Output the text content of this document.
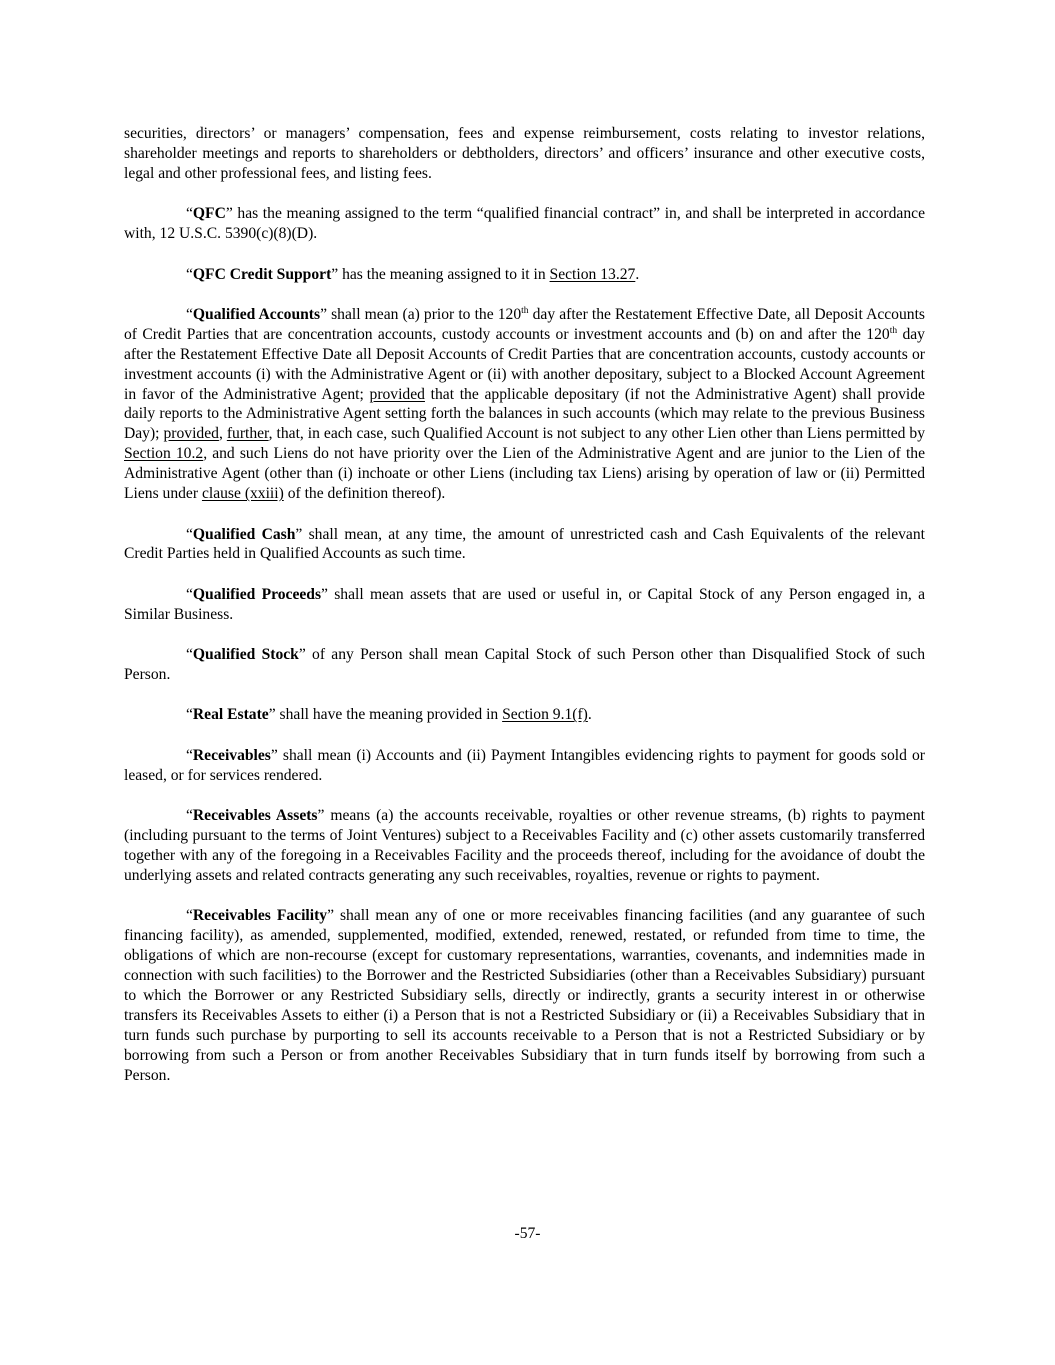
securities, directors’ or managers’ compensation, fees and expense reimbursement, costs relating to investor relations, shareholder meetings and reports to shareholders or debtholders, directors’ and officers’ insurance and other executive costs, legal and other professional fees, and listing fees.

“QFC” has the meaning assigned to the term “qualified financial contract” in, and shall be interpreted in accordance with, 12 U.S.C. 5390(c)(8)(D).

“QFC Credit Support” has the meaning assigned to it in Section 13.27.

“Qualified Accounts” shall mean (a) prior to the 120th day after the Restatement Effective Date, all Deposit Accounts of Credit Parties that are concentration accounts, custody accounts or investment accounts and (b) on and after the 120th day after the Restatement Effective Date all Deposit Accounts of Credit Parties that are concentration accounts, custody accounts or investment accounts (i) with the Administrative Agent or (ii) with another depositary, subject to a Blocked Account Agreement in favor of the Administrative Agent; provided that the applicable depositary (if not the Administrative Agent) shall provide daily reports to the Administrative Agent setting forth the balances in such accounts (which may relate to the previous Business Day); provided, further, that, in each case, such Qualified Account is not subject to any other Lien other than Liens permitted by Section 10.2, and such Liens do not have priority over the Lien of the Administrative Agent and are junior to the Lien of the Administrative Agent (other than (i) inchoate or other Liens (including tax Liens) arising by operation of law or (ii) Permitted Liens under clause (xxiii) of the definition thereof).

“Qualified Cash” shall mean, at any time, the amount of unrestricted cash and Cash Equivalents of the relevant Credit Parties held in Qualified Accounts as such time.

“Qualified Proceeds” shall mean assets that are used or useful in, or Capital Stock of any Person engaged in, a Similar Business.

“Qualified Stock” of any Person shall mean Capital Stock of such Person other than Disqualified Stock of such Person.

“Real Estate” shall have the meaning provided in Section 9.1(f).

“Receivables” shall mean (i) Accounts and (ii) Payment Intangibles evidencing rights to payment for goods sold or leased, or for services rendered.

“Receivables Assets” means (a) the accounts receivable, royalties or other revenue streams, (b) rights to payment (including pursuant to the terms of Joint Ventures) subject to a Receivables Facility and (c) other assets customarily transferred together with any of the foregoing in a Receivables Facility and the proceeds thereof, including for the avoidance of doubt the underlying assets and related contracts generating any such receivables, royalties, revenue or rights to payment.

“Receivables Facility” shall mean any of one or more receivables financing facilities (and any guarantee of such financing facility), as amended, supplemented, modified, extended, renewed, restated, or refunded from time to time, the obligations of which are non-recourse (except for customary representations, warranties, covenants, and indemnities made in connection with such facilities) to the Borrower and the Restricted Subsidiaries (other than a Receivables Subsidiary) pursuant to which the Borrower or any Restricted Subsidiary sells, directly or indirectly, grants a security interest in or otherwise transfers its Receivables Assets to either (i) a Person that is not a Restricted Subsidiary or (ii) a Receivables Subsidiary that in turn funds such purchase by purporting to sell its accounts receivable to a Person that is not a Restricted Subsidiary or by borrowing from such a Person or from another Receivables Subsidiary that in turn funds itself by borrowing from such a Person.

-57-
